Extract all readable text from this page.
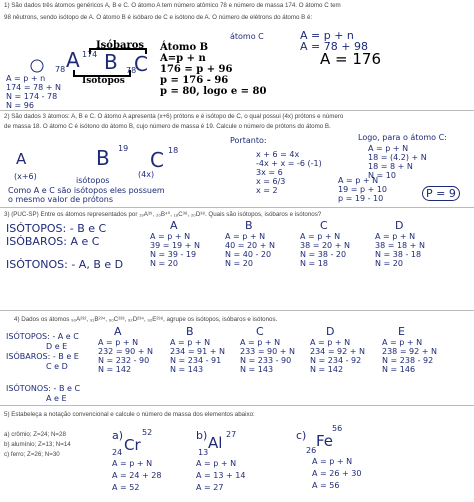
1) São dados três átomos genéricos A, B e C. O átomo A tem número atômico 78 e número de massa 174. O átomo C tem
98 nêutrons, sendo isótopo de A. O átomo B é isóbaro de C e isótono de A. O número de elétrons do átomo B é:
Isóbaros
174
78 A B C
78
Isótopos
A = p + n
174 = 78 + N
N = 174 - 78
N = 96
Átomo B
A=p + n
176 = p + 96
p = 176 - 96
p = 80, logo e = 80
átomo C	A = p + n
A = 78 + 98
A = 176
2) São dados 3 átomos: A, B e C. O átomo A apresenta (x+6) prótons e é isótopo de C, o qual possui (4x) prótons e número
de massa 18. O átomo C é isótono do átomo B, cujo número de massa é 19. Calcule o número de prótons do átomo B.
A	B 19 C 18
(x+6)	isótopos
(4x)
Como A e C são isótopos eles possuem
o mesmo valor de prótons
Portanto:
x + 6 = 4x
-4x + x = -6 (-1)
3x = 6
x = 6/3
x = 2
Logo, para o átomo C:
A = p + N
18 = (4.2) + N
18 = 8 + N
N = 10
A = p + N
19 = p + 10
p = 19 - 10	P = 9
3) (PUC-SP) Entre os átomos representados por ₁₉A³⁹, ₂₀B⁴⁰, ₁₈C³⁸, ₂₀D³⁸. Quais são isótopos, isóbaros e isótonos?
ISÓTOPOS: - B e C
ISÓBAROS: A e C
ISÓTONOS: - A, B e D
A
A = p + N
39 = 19 + N
N = 39 - 19
N = 20
B
A = p + N
40 = 20 + N
N = 40 - 20
N = 20
C
A = p + N
38 = 20 + N
N = 38 - 20
N = 18
D
A = p + N
38 = 18 + N
N = 38 - 18
N = 20
4) Dados os átomos ₉₀A²³², ₉₁B²³⁴, ₉₀C²³³, ₉₂D²³⁴, ₉₂E²³⁸, agrupe os isótopos, isóbaros e isótonos.
ISÓTOPOS: - A e C
D e E
ISÓBAROS: - B e E
C e D
ISÓTONOS: - B e C
A e E
A
A = p + N
232 = 90 + N
N = 232 - 90
N = 142
B
A = p + N
234 = 91 + N
N = 234 - 91
N = 143
C
A = p + N
233 = 90 + N
N = 233 - 90
N = 143
D
A = p + N
234 = 92 + N
N = 234 - 92
N = 142
E
A = p + N
238 = 92 + N
N = 238 - 92
N = 146
5) Estabeleça a notação convencional e calcule o número de massa dos elementos abaixo:
a) crômio; Z=24; N=28
b) alumínio; Z=13; N=14
c) ferro; Z=26; N=30
a)
Cr
52
24
A = p + N
A = 24 + 28
A = 52
b) Al 27
13
A = p + N
A = 13 + 14
A = 27
c) Fe
56
26
A = p + N
A = 26 + 30
A = 56
